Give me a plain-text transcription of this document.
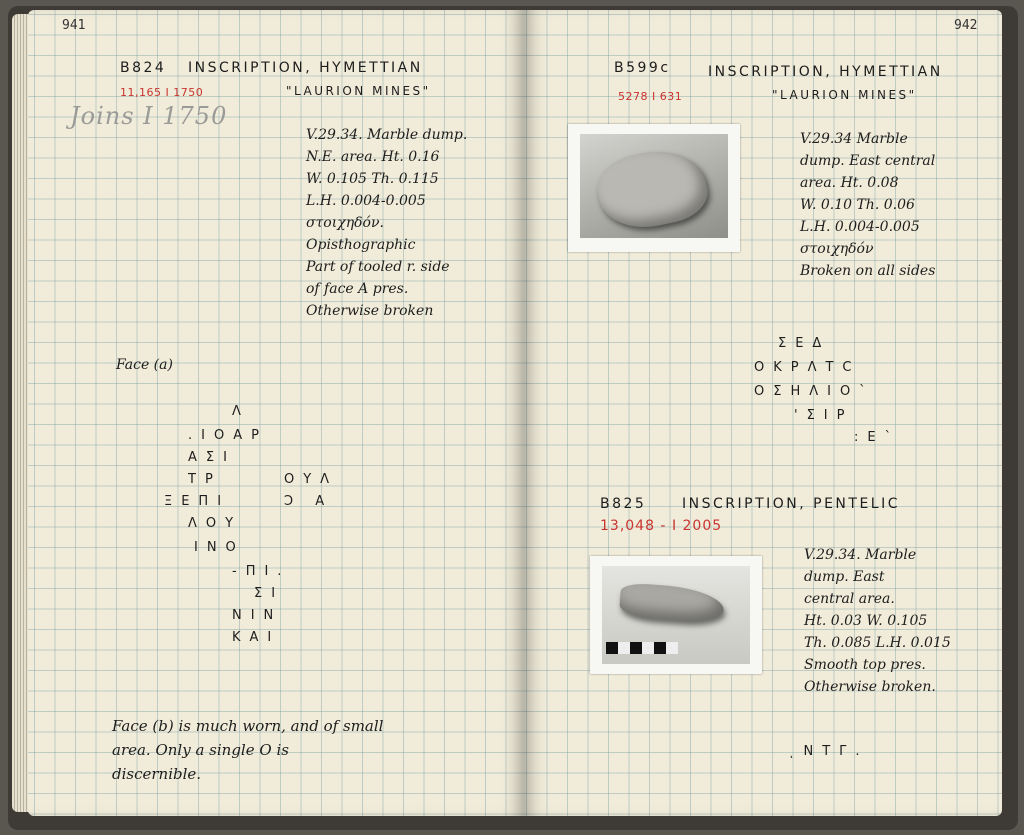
941
B824 INSCRIPTION, HYMETTIAN
11,165 I 1750	"LAURION MINES"
Joins I 1750
V.29.34. Marble dump.
N.E. area. Ht. 0.16
W. 0.105 Th. 0.115
L.H. 0.004-0.005
στοιχηδόν.
Opisthographic
Part of tooled r. side
of face A pres.
Otherwise broken
Face (a)
Λ
.ΙΟΑΡ
ΑΣΙ
ΤΡ	ΟΥΛ
ΞΕΠΙ	Ͻ Α
ΛΟΥ
ΙΝΟ
-ΠΙ.
ΣΙ
ΝΙΝ
ΚΑΙ
Face (b) is much worn, and of small
area. Only a single O is
discernible.
942
B599c	INSCRIPTION, HYMETTIAN
5278 I 631	"LAURION MINES"
V.29.34 Marble
dump. East central
area. Ht. 0.08
W. 0.10 Th. 0.06
L.H. 0.004-0.005
στοιχηδόν
Broken on all sides
ΣΕΔ
ΟΚΡΛΤC
ΟΣΗΛΙΟ`
'ΣΙΡ
:Ε`
B825	INSCRIPTION, PENTELIC
13,048 - I 2005
V.29.34. Marble
dump. East
central area.
Ht. 0.03 W. 0.105
Th. 0.085 L.H. 0.015
Smooth top pres.
Otherwise broken.
ͺΝΤΓ.
